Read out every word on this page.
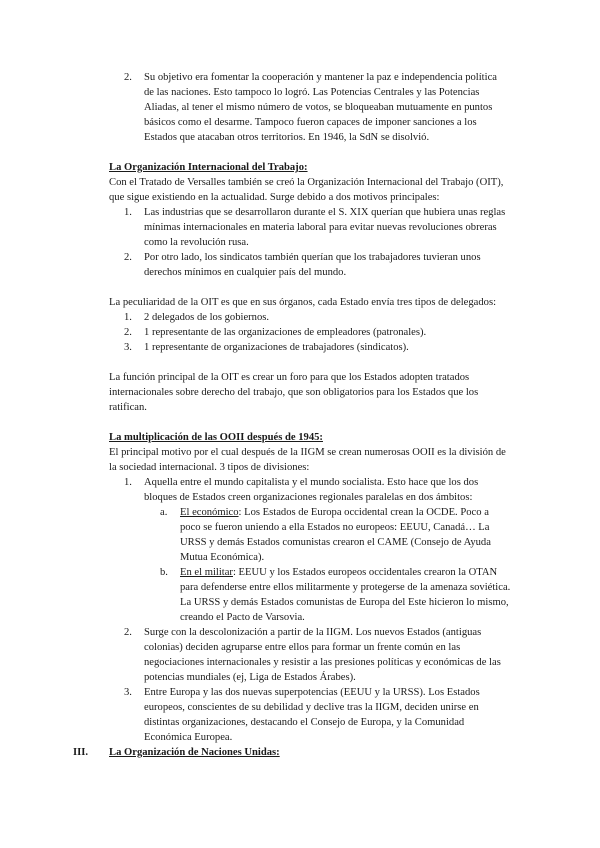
2. Su objetivo era fomentar la cooperación y mantener la paz e independencia política
de las naciones. Esto tampoco lo logró. Las Potencias Centrales y las Potencias
Aliadas, al tener el mismo número de votos, se bloqueaban mutuamente en puntos
básicos como el desarme. Tampoco fueron capaces de imponer sanciones a los
Estados que atacaban otros territorios. En 1946, la SdN se disolvió.
La Organización Internacional del Trabajo:
Con el Tratado de Versalles también se creó la Organización Internacional del Trabajo (OIT),
que sigue existiendo en la actualidad. Surge debido a dos motivos principales:
1. Las industrias que se desarrollaron durante el S. XIX querían que hubiera unas reglas
mínimas internacionales en materia laboral para evitar nuevas revoluciones obreras
como la revolución rusa.
2. Por otro lado, los sindicatos también querían que los trabajadores tuvieran unos
derechos mínimos en cualquier país del mundo.
La peculiaridad de la OIT es que en sus órganos, cada Estado envía tres tipos de delegados:
1. 2 delegados de los gobiernos.
2. 1 representante de las organizaciones de empleadores (patronales).
3. 1 representante de organizaciones de trabajadores (sindicatos).
La función principal de la OIT es crear un foro para que los Estados adopten tratados
internacionales sobre derecho del trabajo, que son obligatorios para los Estados que los
ratifican.
La multiplicación de las OOII después de 1945:
El principal motivo por el cual después de la IIGM se crean numerosas OOII es la división de
la sociedad internacional. 3 tipos de divisiones:
1. Aquella entre el mundo capitalista y el mundo socialista. Esto hace que los dos
bloques de Estados creen organizaciones regionales paralelas en dos ámbitos:
a. El económico: Los Estados de Europa occidental crean la OCDE. Poco a
poco se fueron uniendo a ella Estados no europeos: EEUU, Canadá… La
URSS y demás Estados comunistas crearon el CAME (Consejo de Ayuda
Mutua Económica).
b. En el militar: EEUU y los Estados europeos occidentales crearon la OTAN
para defenderse entre ellos militarmente y protegerse de la amenaza soviética.
La URSS y demás Estados comunistas de Europa del Este hicieron lo mismo,
creando el Pacto de Varsovia.
2. Surge con la descolonización a partir de la IIGM. Los nuevos Estados (antiguas
colonias) deciden agruparse entre ellos para formar un frente común en las
negociaciones internacionales y resistir a las presiones políticas y económicas de las
potencias mundiales (ej, Liga de Estados Árabes).
3. Entre Europa y las dos nuevas superpotencias (EEUU y la URSS). Los Estados
europeos, conscientes de su debilidad y declive tras la IIGM, deciden unirse en
distintas organizaciones, destacando el Consejo de Europa, y la Comunidad
Económica Europea.
III. La Organización de Naciones Unidas:
